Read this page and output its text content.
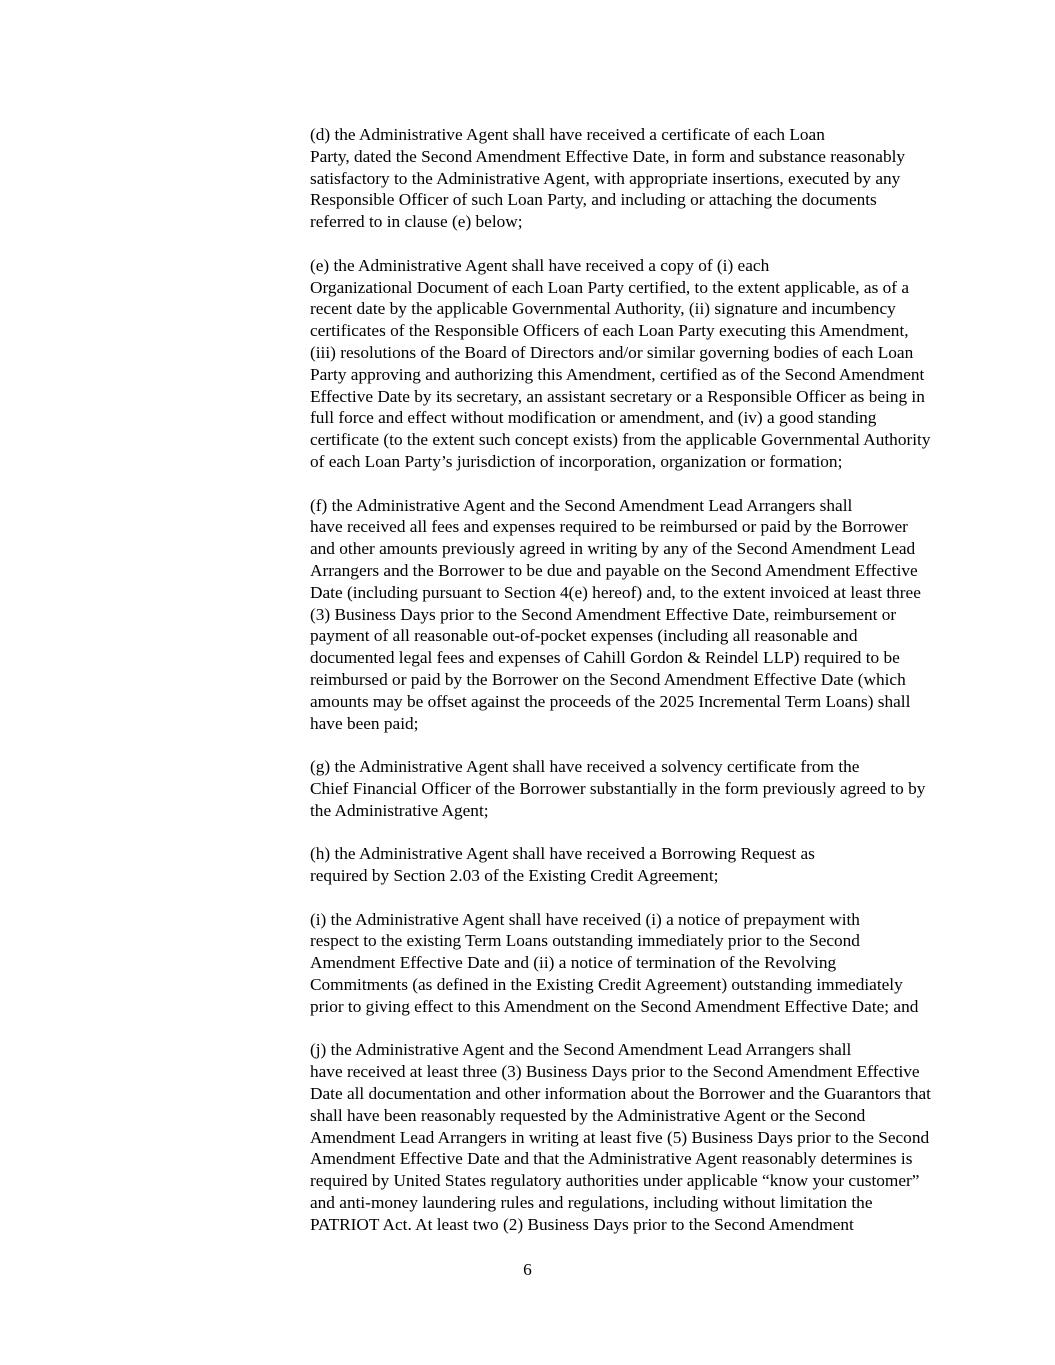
(d) the Administrative Agent shall have received a certificate of each Loan
Party, dated the Second Amendment Effective Date, in form and substance reasonably
satisfactory to the Administrative Agent, with appropriate insertions, executed by any
Responsible Officer of such Loan Party, and including or attaching the documents
referred to in clause (e) below;
(e) the Administrative Agent shall have received a copy of (i) each
Organizational Document of each Loan Party certified, to the extent applicable, as of a
recent date by the applicable Governmental Authority, (ii) signature and incumbency
certificates of the Responsible Officers of each Loan Party executing this Amendment,
(iii) resolutions of the Board of Directors and/or similar governing bodies of each Loan
Party approving and authorizing this Amendment, certified as of the Second Amendment
Effective Date by its secretary, an assistant secretary or a Responsible Officer as being in
full force and effect without modification or amendment, and (iv) a good standing
certificate (to the extent such concept exists) from the applicable Governmental Authority
of each Loan Party’s jurisdiction of incorporation, organization or formation;
(f) the Administrative Agent and the Second Amendment Lead Arrangers shall
have received all fees and expenses required to be reimbursed or paid by the Borrower
and other amounts previously agreed in writing by any of the Second Amendment Lead
Arrangers and the Borrower to be due and payable on the Second Amendment Effective
Date (including pursuant to Section 4(e) hereof) and, to the extent invoiced at least three
(3) Business Days prior to the Second Amendment Effective Date, reimbursement or
payment of all reasonable out-of-pocket expenses (including all reasonable and
documented legal fees and expenses of Cahill Gordon & Reindel LLP) required to be
reimbursed or paid by the Borrower on the Second Amendment Effective Date (which
amounts may be offset against the proceeds of the 2025 Incremental Term Loans) shall
have been paid;
(g) the Administrative Agent shall have received a solvency certificate from the
Chief Financial Officer of the Borrower substantially in the form previously agreed to by
the Administrative Agent;
(h) the Administrative Agent shall have received a Borrowing Request as
required by Section 2.03 of the Existing Credit Agreement;
(i) the Administrative Agent shall have received (i) a notice of prepayment with
respect to the existing Term Loans outstanding immediately prior to the Second
Amendment Effective Date and (ii) a notice of termination of the Revolving
Commitments (as defined in the Existing Credit Agreement) outstanding immediately
prior to giving effect to this Amendment on the Second Amendment Effective Date; and
(j) the Administrative Agent and the Second Amendment Lead Arrangers shall
have received at least three (3) Business Days prior to the Second Amendment Effective
Date all documentation and other information about the Borrower and the Guarantors that
shall have been reasonably requested by the Administrative Agent or the Second
Amendment Lead Arrangers in writing at least five (5) Business Days prior to the Second
Amendment Effective Date and that the Administrative Agent reasonably determines is
required by United States regulatory authorities under applicable “know your customer”
and anti-money laundering rules and regulations, including without limitation the
PATRIOT Act. At least two (2) Business Days prior to the Second Amendment
6
